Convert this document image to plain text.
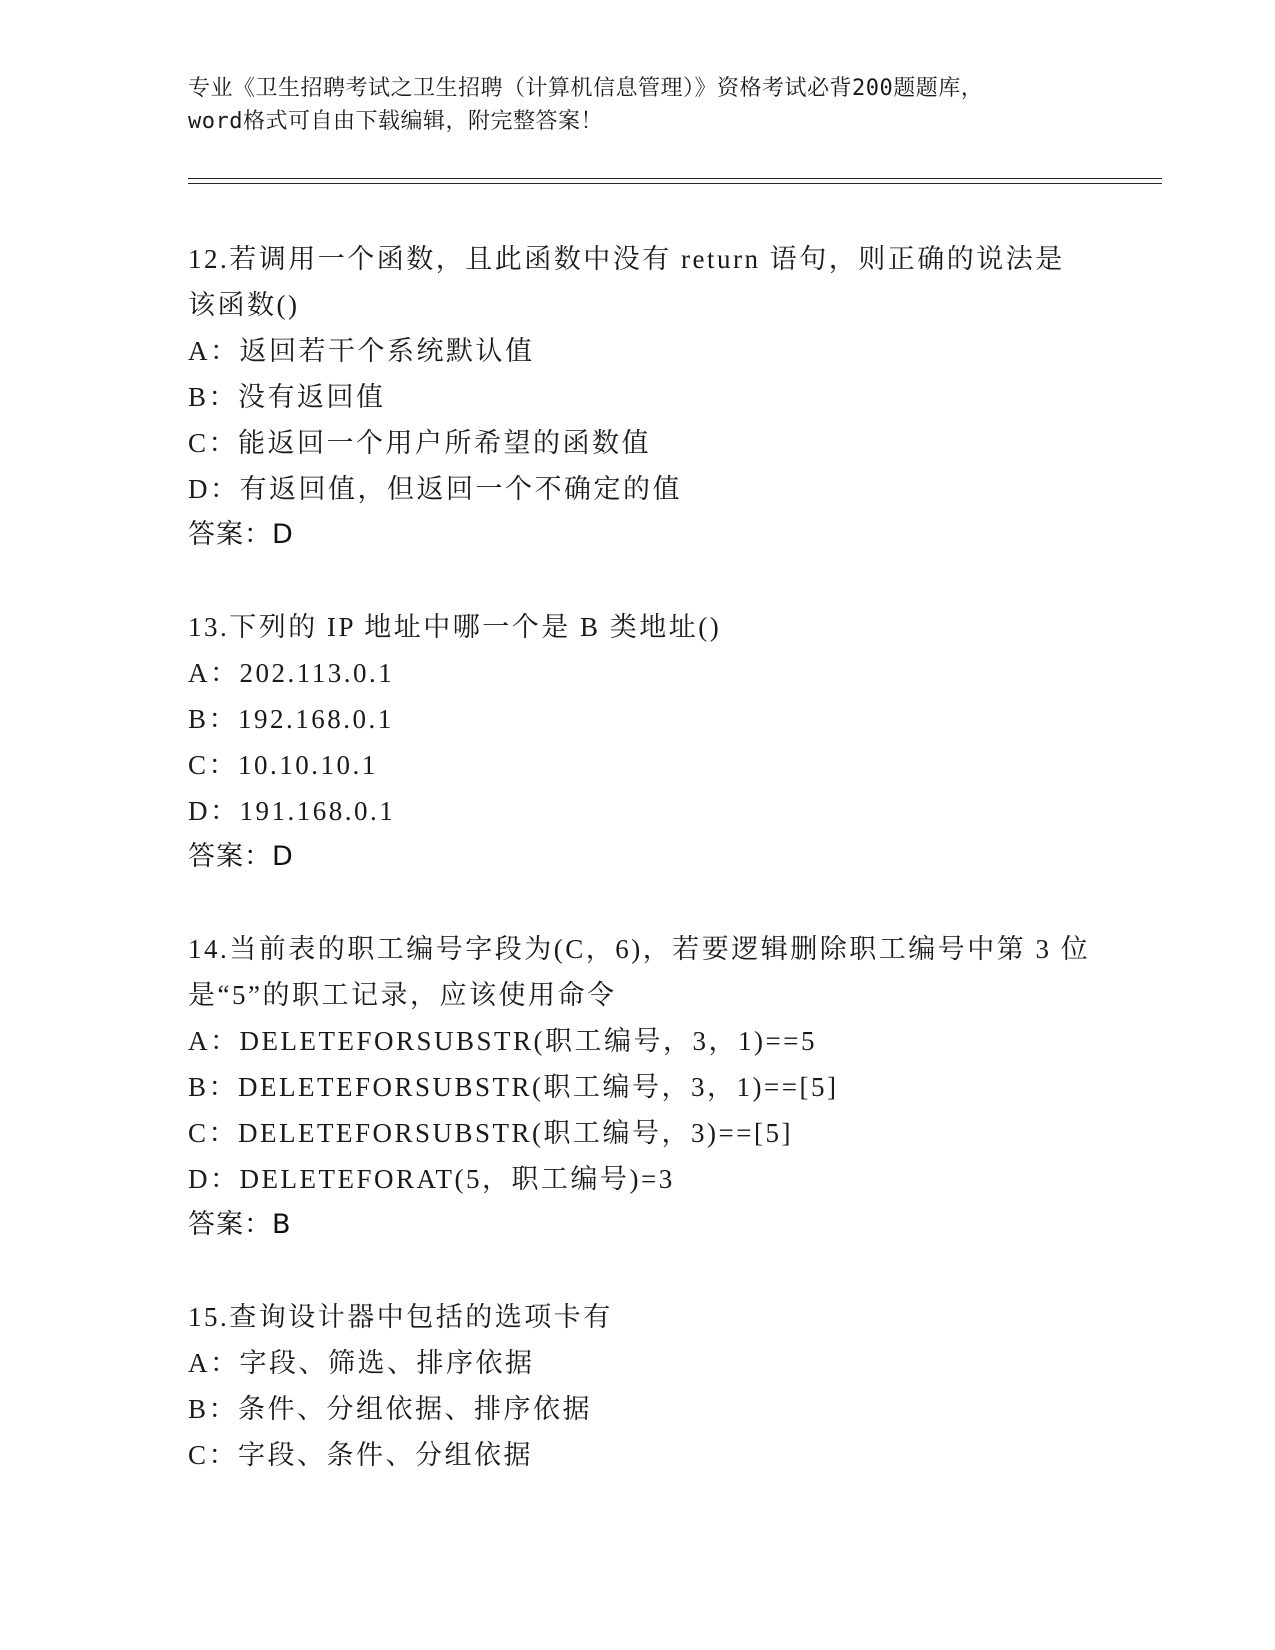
专业《卫生招聘考试之卫生招聘（计算机信息管理）》资格考试必背200题题库，
word格式可自由下载编辑，附完整答案！
12.若调用一个函数，且此函数中没有 return 语句，则正确的说法是
该函数()
A：返回若干个系统默认值
B：没有返回值
C：能返回一个用户所希望的函数值
D：有返回值，但返回一个不确定的值
答案：D
13.下列的 IP 地址中哪一个是 B 类地址()
A：202.113.0.1
B：192.168.0.1
C：10.10.10.1
D：191.168.0.1
答案：D
14.当前表的职工编号字段为(C，6)，若要逻辑删除职工编号中第 3 位
是“5”的职工记录，应该使用命令
A：DELETEFORSUBSTR(职工编号，3，1)==5
B：DELETEFORSUBSTR(职工编号，3，1)==[5]
C：DELETEFORSUBSTR(职工编号，3)==[5]
D：DELETEFORAT(5，职工编号)=3
答案：B
15.查询设计器中包括的选项卡有
A：字段、筛选、排序依据
B：条件、分组依据、排序依据
C：字段、条件、分组依据
